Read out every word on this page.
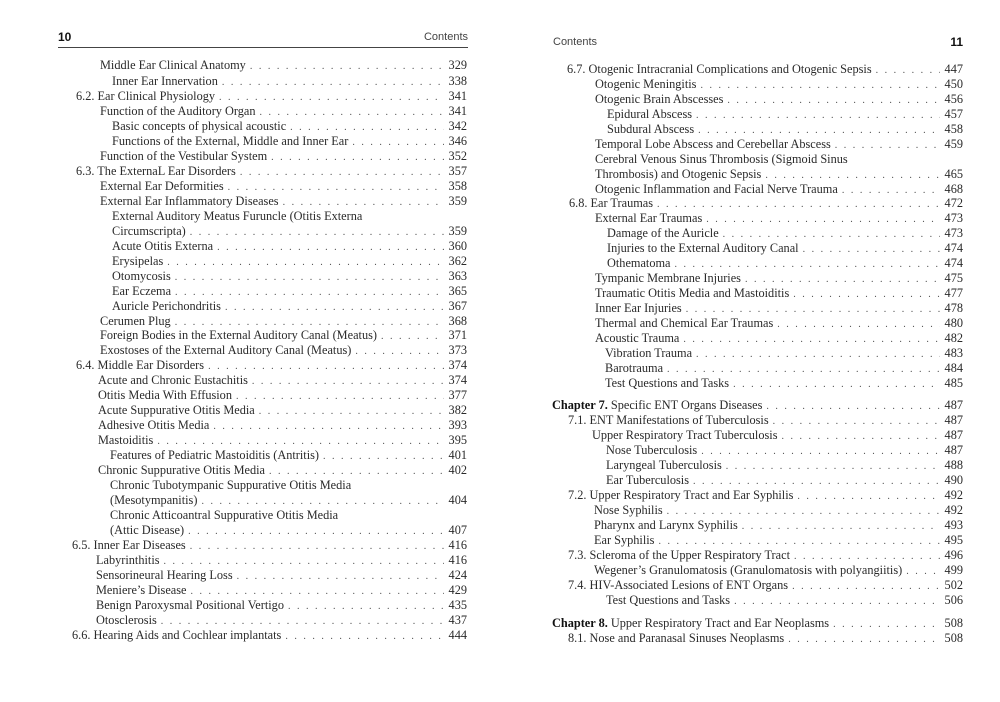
10	Contents
Middle Ear Clinical Anatomy . . .	329
Inner Ear Innervation . . .	338
6.2. Ear Clinical Physiology . . .	341
Function of the Auditory Organ . . .	341
Basic concepts of physical acoustic . . .	342
Functions of the External, Middle and Inner Ear . . .	346
Function of the Vestibular System . . .	352
6.3. The ExternaL Ear Disorders . . .	357
External Ear Deformities . . .	358
External Ear Inflammatory Diseases . . .	359
External Auditory Meatus Furuncle (Otitis Externa
Circumscripta) . . .	359
Acute Otitis Externa . . .	360
Erysipelas . . .	362
Otomycosis . . .	363
Ear Eczema . . .	365
Auricle Perichondritis . . .	367
Cerumen Plug . . .	368
Foreign Bodies in the External Auditory Canal (Meatus) . . .	371
Exostoses of the External Auditory Canal (Meatus) . . .	373
6.4. Middle Ear Disorders . . .	374
Acute and Chronic Eustachitis . . .	374
Otitis Media With Effusion . . .	377
Acute Suppurative Otitis Media . . .	382
Adhesive Otitis Media . . .	393
Mastoiditis . . .	395
Features of Pediatric Mastoiditis (Antritis) . . .	401
Chronic Suppurative Otitis Media . . .	402
Chronic Tubotympanic Suppurative Otitis Media
(Mesotympanitis) . . .	404
Chronic Atticoantral Suppurative Otitis Media
(Attic Disease) . . .	407
6.5. Inner Ear Diseases . . .	416
Labyrinthitis . . .	416
Sensorineural Hearing Loss . . .	424
Meniere’s Disease . . .	429
Benign Paroxysmal Positional Vertigo . . .	435
Otosclerosis . . .	437
6.6. Hearing Aids and Cochlear implantats . . .	444
Contents	11
6.7. Otogenic Intracranial Complications and Otogenic Sepsis . . .	447
Otogenic Meningitis . . .	450
Otogenic Brain Abscesses . . .	456
Epidural Abscess . . .	457
Subdural Abscess . . .	458
Temporal Lobe Abscess and Cerebellar Abscess . . .	459
Cerebral Venous Sinus Thrombosis (Sigmoid Sinus
Thrombosis) and Otogenic Sepsis . . .	465
Otogenic Inflammation and Facial Nerve Trauma . . .	468
6.8. Ear Traumas . . .	472
External Ear Traumas . . .	473
Damage of the Auricle . . .	473
Injuries to the External Auditory Canal . . .	474
Othematoma . . .	474
Tympanic Membrane Injuries . . .	475
Traumatic Otitis Media and Mastoiditis . . .	477
Inner Ear Injuries . . .	478
Thermal and Chemical Ear Traumas . . .	480
Acoustic Trauma . . .	482
Vibration Trauma . . .	483
Barotrauma . . .	484
Test Questions and Tasks . . .	485
Chapter 7. Specific ENT Organs Diseases . . .	487
7.1. ENT Manifestations of Tuberculosis . . .	487
Upper Respiratory Tract Tuberculosis . . .	487
Nose Tuberculosis . . .	487
Laryngeal Tuberculosis . . .	488
Ear Tuberculosis . . .	490
7.2. Upper Respiratory Tract and Ear Syphilis . . .	492
Nose Syphilis . . .	492
Pharynx and Larynx Syphilis . . .	493
Ear Syphilis . . .	495
7.3. Scleroma of the Upper Respiratory Tract . . .	496
Wegener’s Granulomatosis (Granulomatosis with polyangiitis) . . .	499
7.4. HIV-Associated Lesions of ENT Organs . . .	502
Test Questions and Tasks . . .	506
Chapter 8. Upper Respiratory Tract and Ear Neoplasms . . .	508
8.1. Nose and Paranasal Sinuses Neoplasms . . .	508
